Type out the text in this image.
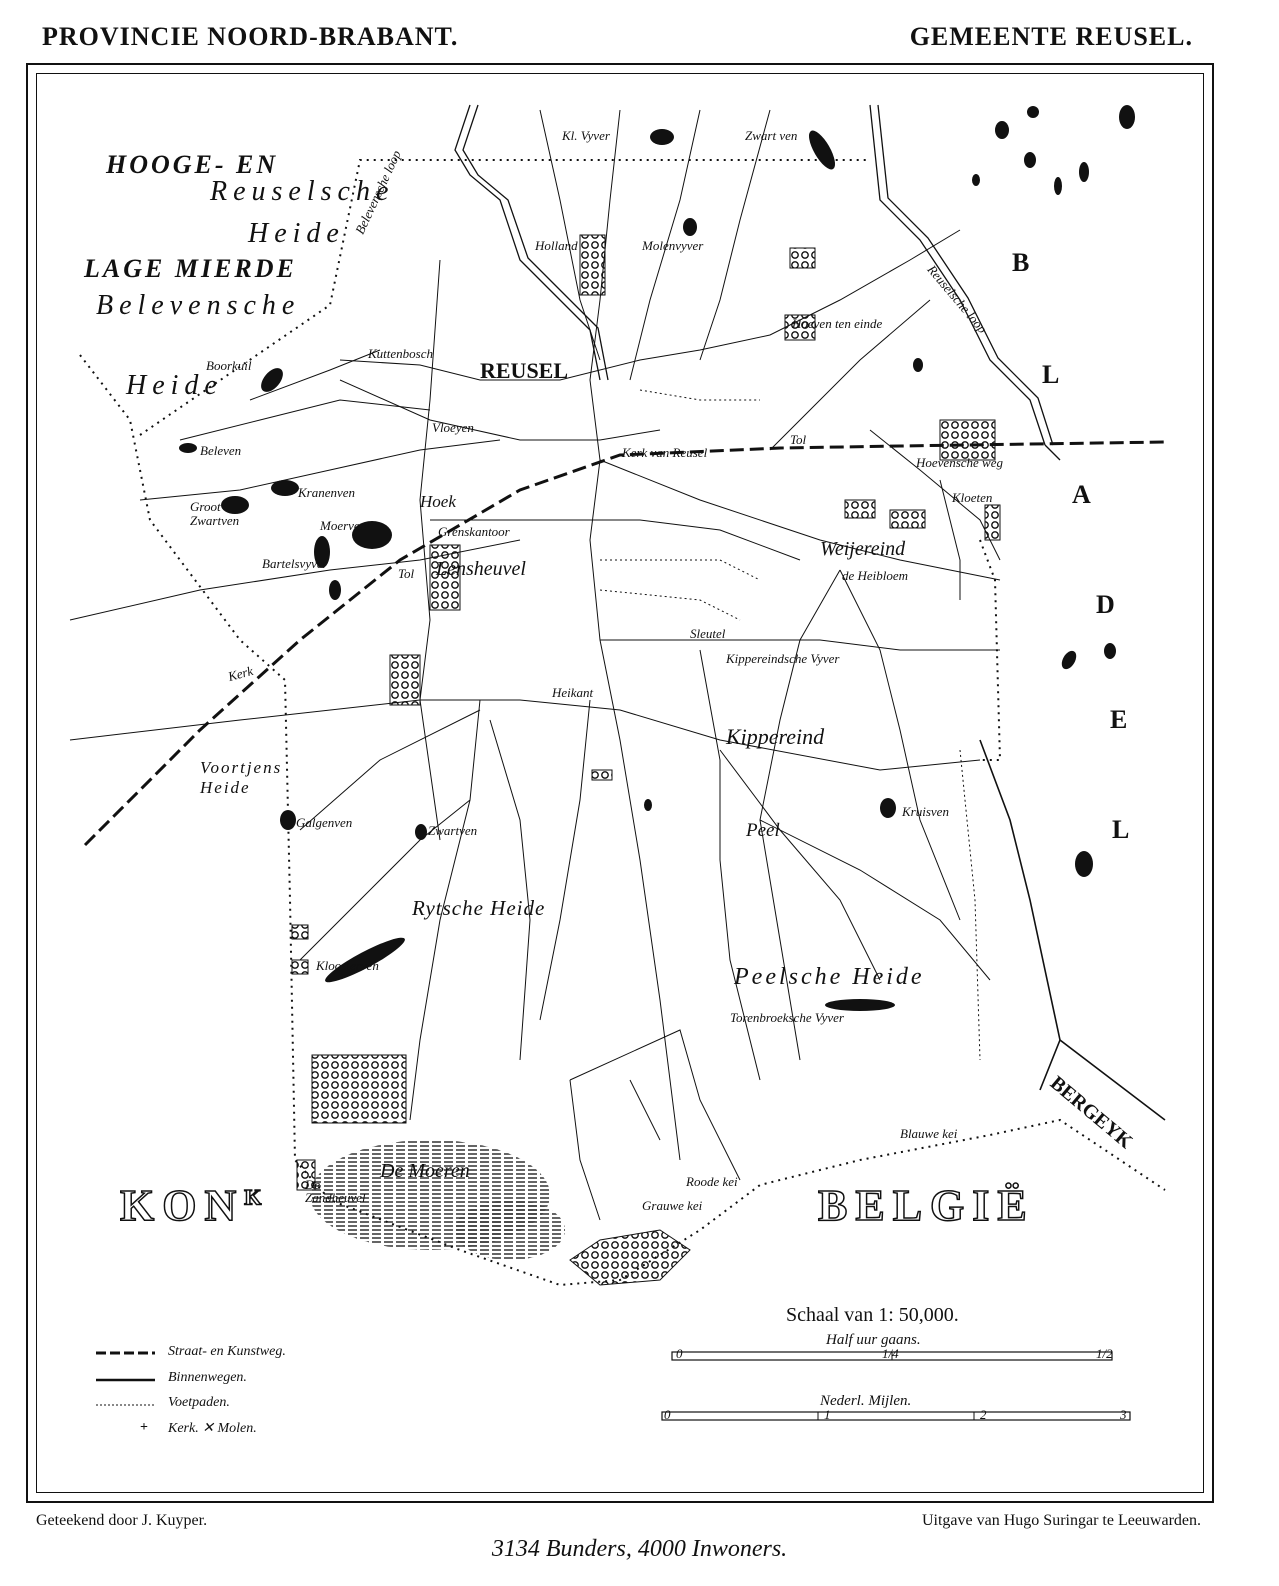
PROVINCIE NOORD-BRABANT.	GEMEENTE REUSEL.
HOOGE- EN
Reuselsche
Heide
LAGE MIERDE
Belevensche
Heide
Boorkuil
Beleven
Kl. Vyver	Zwart ven
Holland	Molenvyver
Hoeven ten einde
Kuttenbosch
REUSEL
Vloeyen
Kerk van Reusel
Tol
Hoevensche weg
Kloeten
Kranenven
Groot Zwartven
Hoek
Grenskantoor
Moerven
Bartelsvyver
Tol Lensheuvel
Weijereind
de Heibloem
Sleutel
Kippereindsche Vyver
Kerk
Heikant
Kippereind
Voortjens Heide
Galgenven
Zwartven
Kruisven
Peel
Rytsche Heide
Kloosterven	Peelsche Heide
Torenbroeksche Vyver
Blauwe kei
De Moeren
De Zandheuvel
Roode kei
Grauwe kei
Belevensche loop
Reuselsche loop
$KON^K$	BELGIË
B
L
A
D
E
L
BERGEYK
Schaal van 1: 50,000.
Half uur gaans.
0	1/4	1/2
Nederl. Mijlen.
0	1	2	3
Straat- en Kunstweg.
Binnenwegen.
Voetpaden.
+ Kerk. ✕ Molen.
Geteekend door J. Kuyper.	Uitgave van Hugo Suringar te Leeuwarden.
3134 Bunders, 4000 Inwoners.
